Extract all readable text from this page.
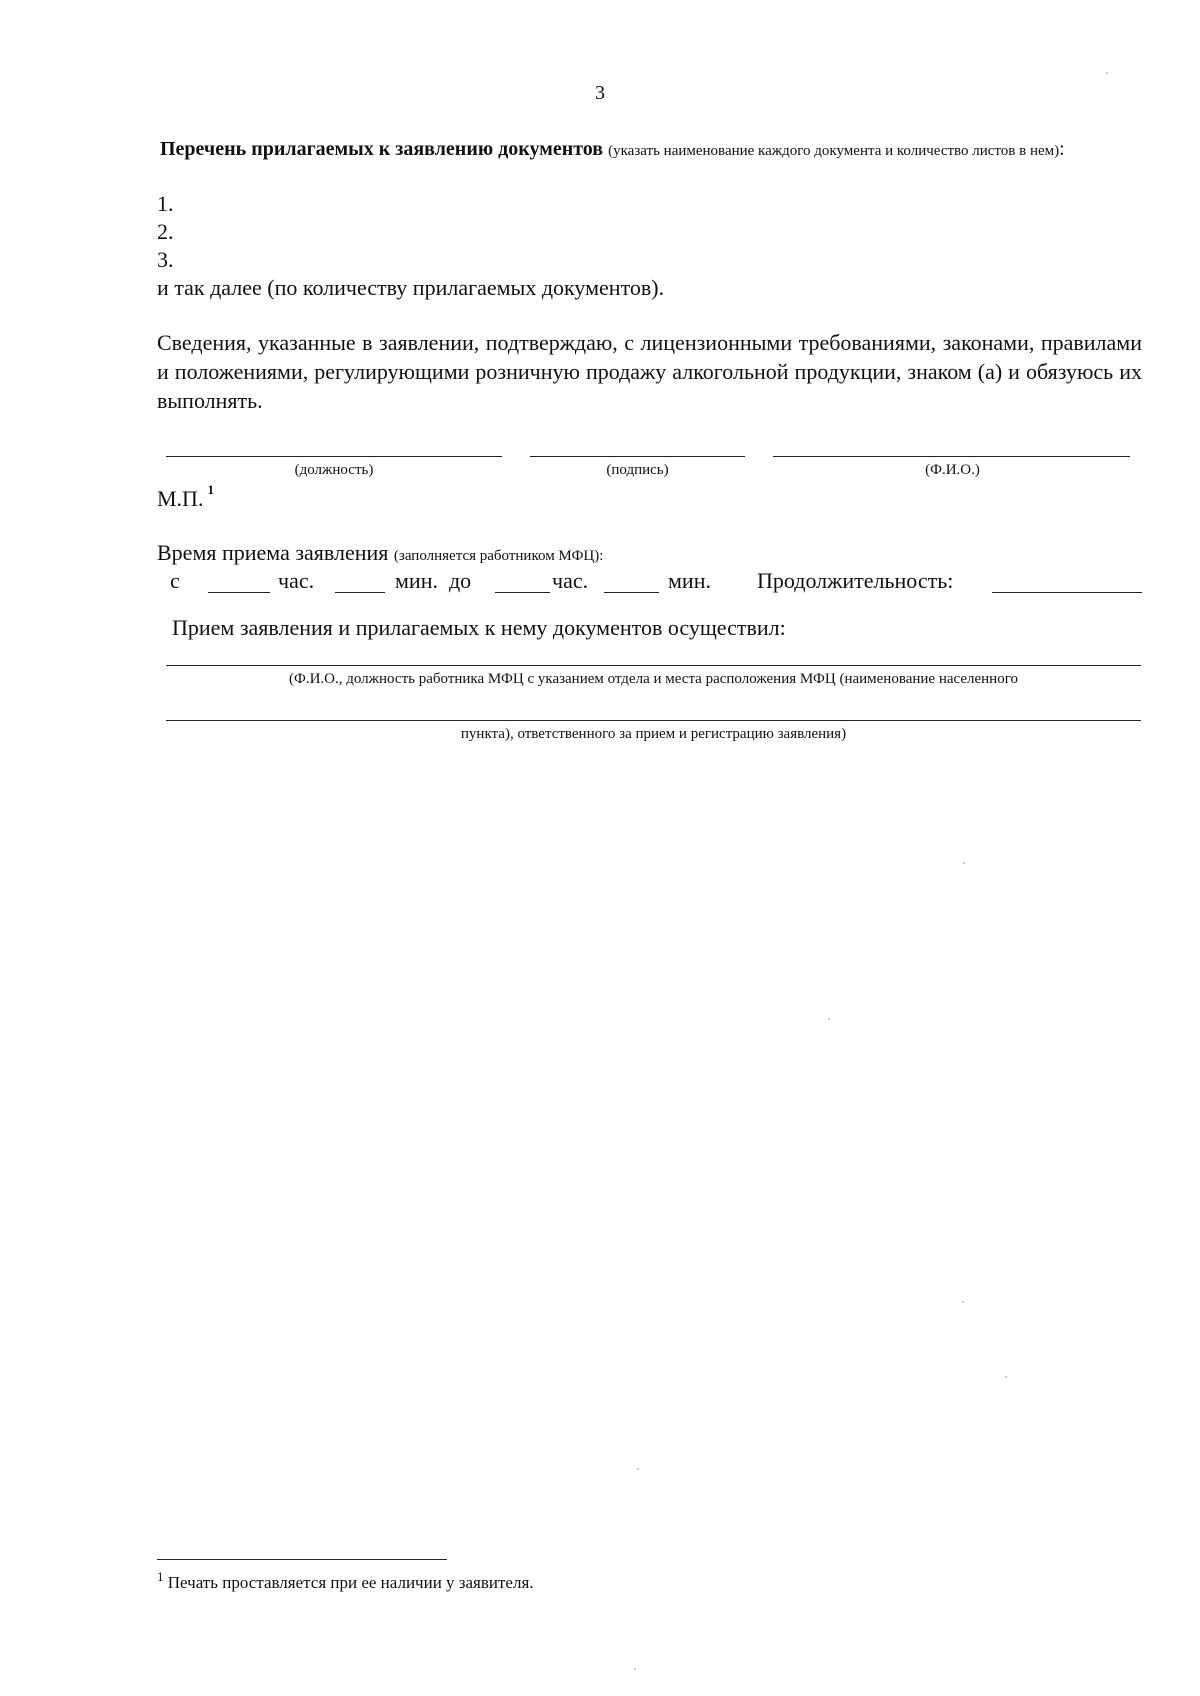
3
Перечень прилагаемых к заявлению документов (указать наименование каждого документа и количество листов в нем):
1.
2.
3.
и так далее (по количеству прилагаемых документов).
Сведения, указанные в заявлении, подтверждаю, с лицензионными требованиями, законами, правилами и положениями, регулирующими розничную продажу алкогольной продукции, знаком (а) и обязуюсь их выполнять.
(должность)	(подпись)	(Ф.И.О.)
М.П. $^1$
Время приема заявления (заполняется работником МФЦ):
с	час.	мин.  до	час.	мин. Продолжительность:
Прием заявления и прилагаемых к нему документов осуществил:
(Ф.И.О., должность работника МФЦ с указанием отдела и места расположения МФЦ (наименование населенного
пункта), ответственного за прием и регистрацию заявления)
$^1$ Печать проставляется при ее наличии у заявителя.
